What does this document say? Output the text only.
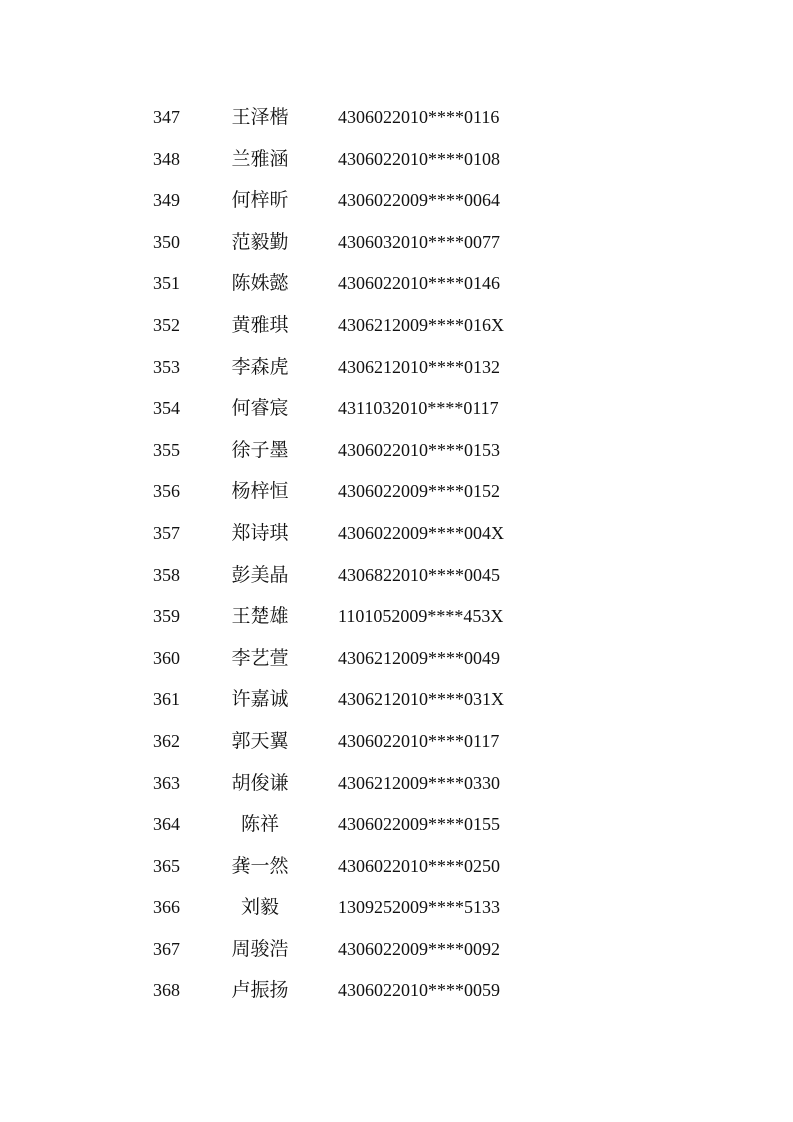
347	王泽楷	4306022010****0116
348	兰雅涵	4306022010****0108
349	何梓昕	4306022009****0064
350	范毅勤	4306032010****0077
351	陈姝懿	4306022010****0146
352	黄雅琪	4306212009****016X
353	李森虎	4306212010****0132
354	何睿宸	4311032010****0117
355	徐子墨	4306022010****0153
356	杨梓恒	4306022009****0152
357	郑诗琪	4306022009****004X
358	彭美晶	4306822010****0045
359	王楚雄	1101052009****453X
360	李艺萱	4306212009****0049
361	许嘉诚	4306212010****031X
362	郭天翼	4306022010****0117
363	胡俊谦	4306212009****0330
364	陈祥	4306022009****0155
365	龚一然	4306022010****0250
366	刘毅	1309252009****5133
367	周骏浩	4306022009****0092
368	卢振扬	4306022010****0059
